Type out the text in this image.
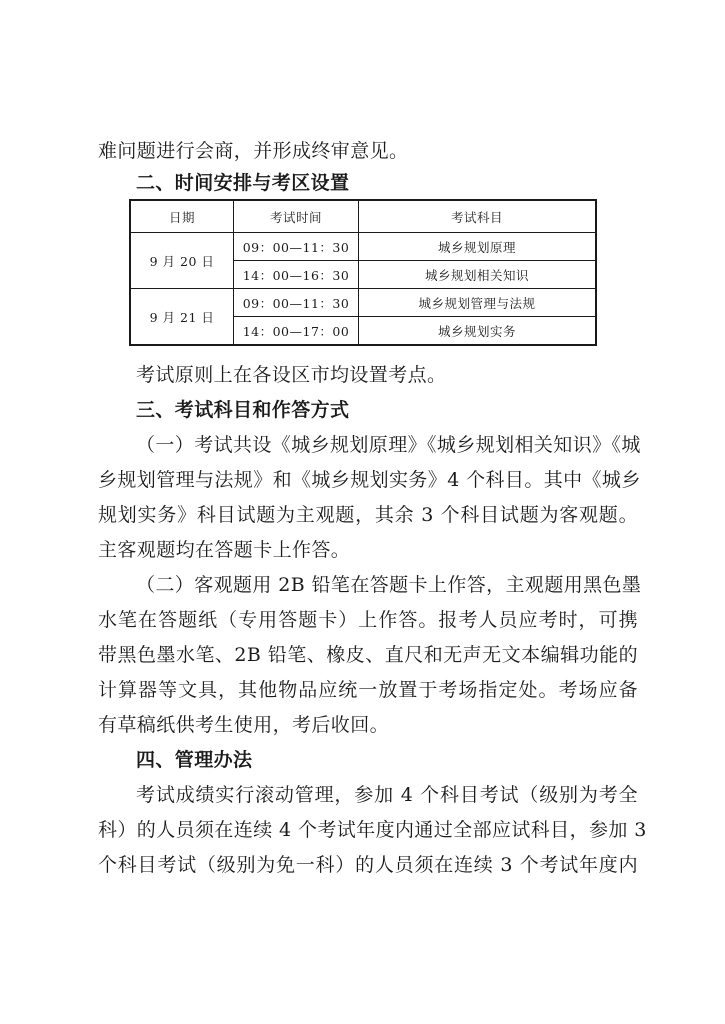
难问题进行会商，并形成终审意见。
二、时间安排与考区设置
日期	考试时间	考试科目
9 月 20 日	09：00—11：30	城乡规划原理
	14：00—16：30	城乡规划相关知识
9 月 21 日	09：00—11：30	城乡规划管理与法规
	14：00—17：00	城乡规划实务
考试原则上在各设区市均设置考点。
三、考试科目和作答方式
（一）考试共设《城乡规划原理》《城乡规划相关知识》《城
乡规划管理与法规》和《城乡规划实务》4 个科目。其中《城乡
规划实务》科目试题为主观题，其余 3 个科目试题为客观题。
主客观题均在答题卡上作答。
（二）客观题用 2B 铅笔在答题卡上作答，主观题用黑色墨
水笔在答题纸（专用答题卡）上作答。报考人员应考时，可携
带黑色墨水笔、2B 铅笔、橡皮、直尺和无声无文本编辑功能的
计算器等文具，其他物品应统一放置于考场指定处。考场应备
有草稿纸供考生使用，考后收回。
四、管理办法
考试成绩实行滚动管理，参加 4 个科目考试（级别为考全
科）的人员须在连续 4 个考试年度内通过全部应试科目，参加 3
个科目考试（级别为免一科）的人员须在连续 3 个考试年度内
